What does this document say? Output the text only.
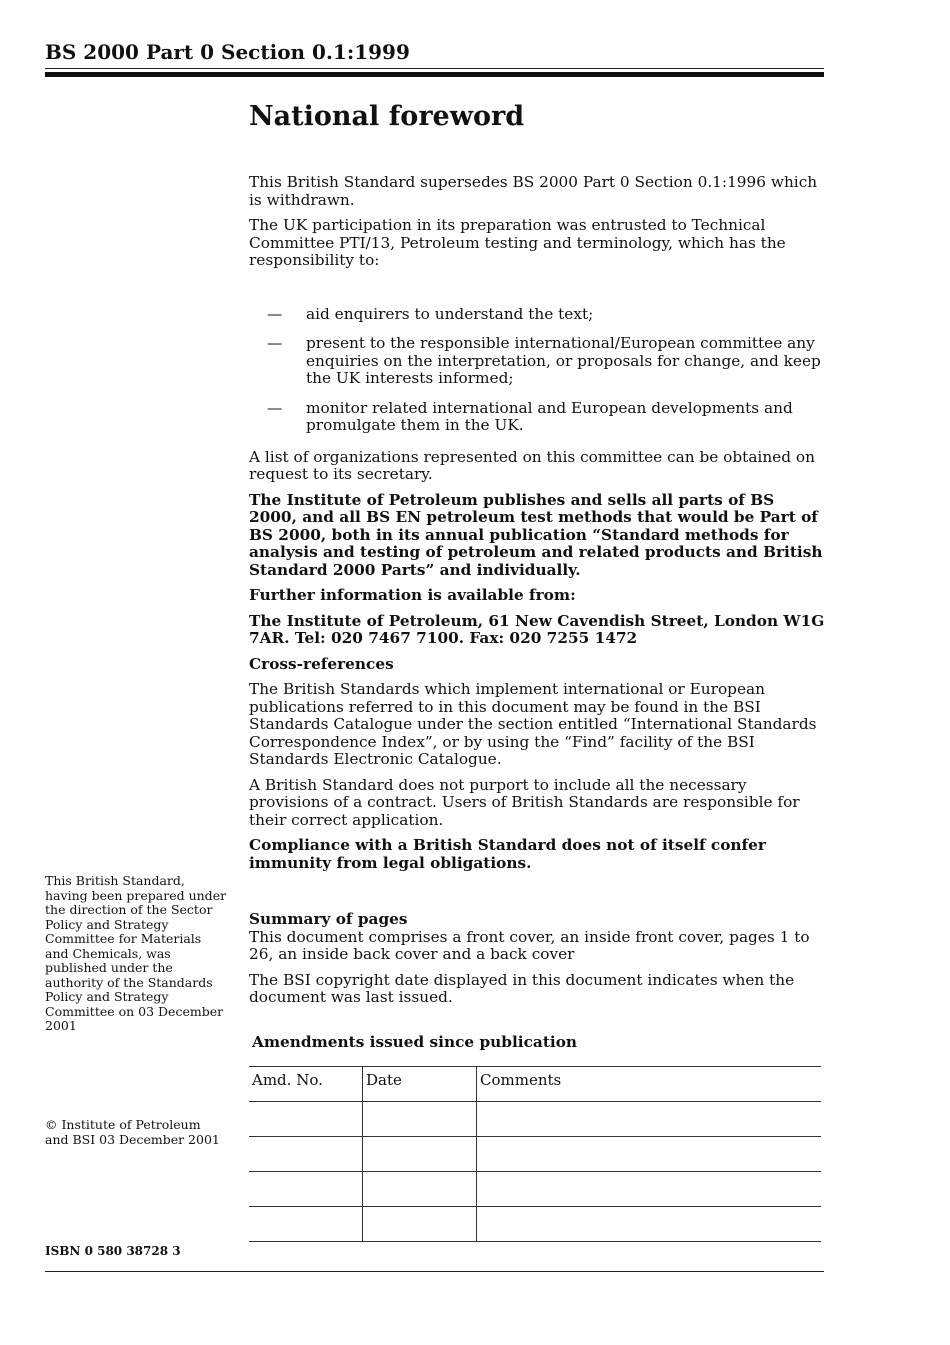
BS 2000 Part 0 Section 0.1:1999
National foreword

This British Standard supersedes BS 2000 Part 0 Section 0.1:1996 which is withdrawn.

The UK participation in its preparation was entrusted to Technical Committee PTI/13, Petroleum testing and terminology, which has the responsibility to:

— aid enquirers to understand the text;
— present to the responsible international/European committee any enquiries on the interpretation, or proposals for change, and keep the UK interests informed;
— monitor related international and European developments and promulgate them in the UK.

A list of organizations represented on this committee can be obtained on request to its secretary.

The Institute of Petroleum publishes and sells all parts of BS 2000, and all BS EN petroleum test methods that would be Part of BS 2000, both in its annual publication “Standard methods for analysis and testing of petroleum and related products and British Standard 2000 Parts” and individually.

Further information is available from:

The Institute of Petroleum, 61 New Cavendish Street, London W1G 7AR. Tel: 020 7467 7100. Fax: 020 7255 1472

Cross-references

The British Standards which implement international or European publications referred to in this document may be found in the BSI Standards Catalogue under the section entitled “International Standards Correspondence Index”, or by using the “Find” facility of the BSI Standards Electronic Catalogue.

A British Standard does not purport to include all the necessary provisions of a contract. Users of British Standards are responsible for their correct application.

Compliance with a British Standard does not of itself confer immunity from legal obligations.

Summary of pages

This document comprises a front cover, an inside front cover, pages 1 to 26, an inside back cover and a back cover

The BSI copyright date displayed in this document indicates when the document was last issued.

This British Standard, having been prepared under the direction of the Sector Policy and Strategy Committee for Materials and Chemicals, was published under the authority of the Standards Policy and Strategy Committee on 03 December 2001
© Institute of Petroleum and BSI 03 December 2001
Amendments issued since publication
Amd. No.	Date	Comments

ISBN 0 580 38728 3
